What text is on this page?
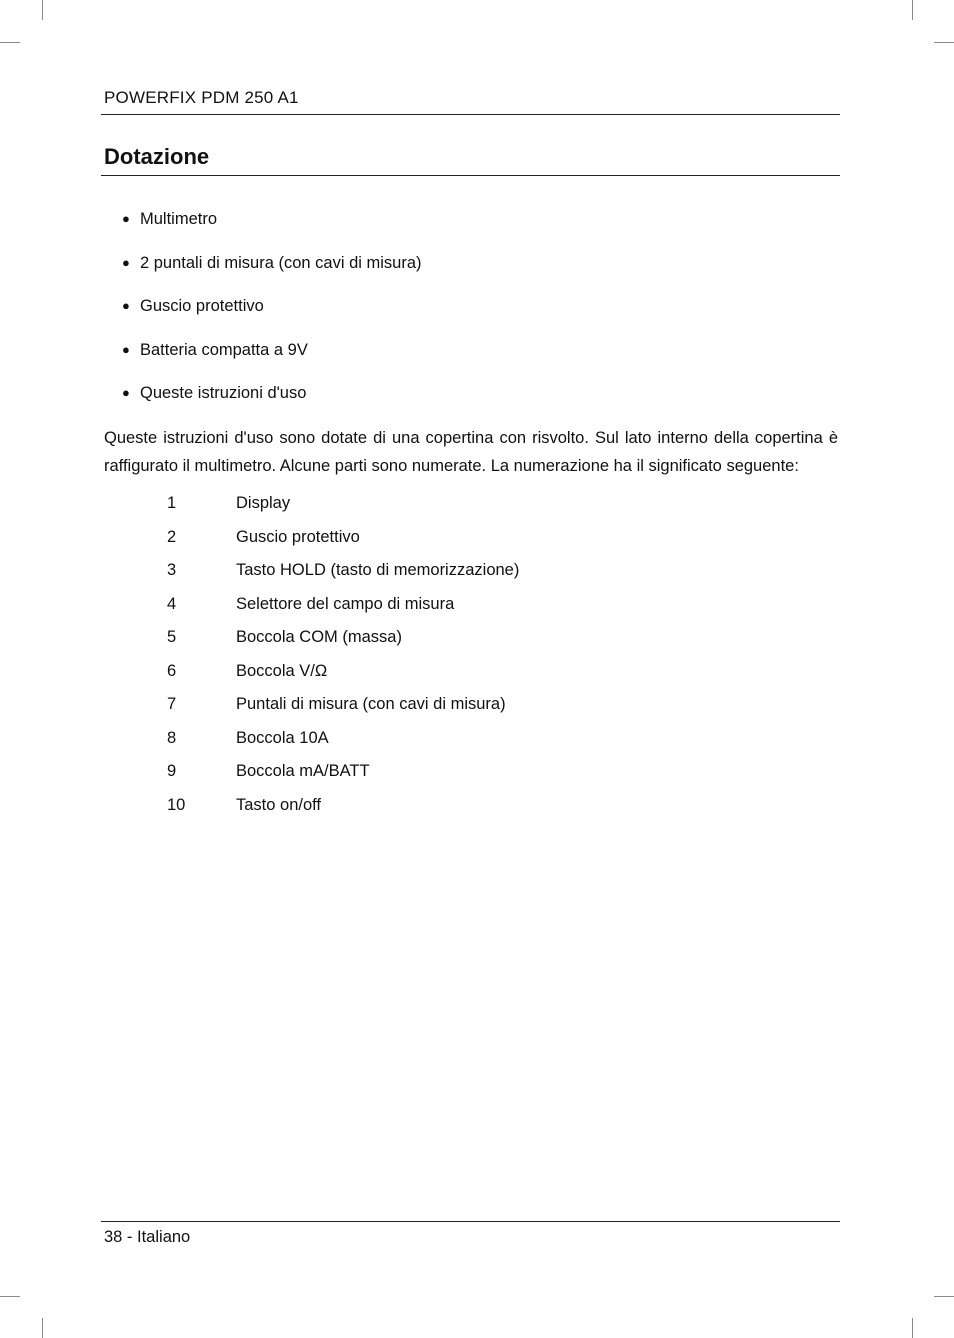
POWERFIX PDM 250 A1
Dotazione
● Multimetro
● 2 puntali di misura (con cavi di misura)
● Guscio protettivo
● Batteria compatta a 9V
● Queste istruzioni d'uso

Queste istruzioni d'uso sono dotate di una copertina con risvolto. Sul lato interno della copertina è raffigurato il multimetro. Alcune parti sono numerate. La numerazione ha il significato seguente:

1	Display
2	Guscio protettivo
3	Tasto HOLD (tasto di memorizzazione)
4	Selettore del campo di misura
5	Boccola COM (massa)
6	Boccola V/Ω
7	Puntali di misura (con cavi di misura)
8	Boccola 10A
9	Boccola mA/BATT
10	Tasto on/off
38 - Italiano
